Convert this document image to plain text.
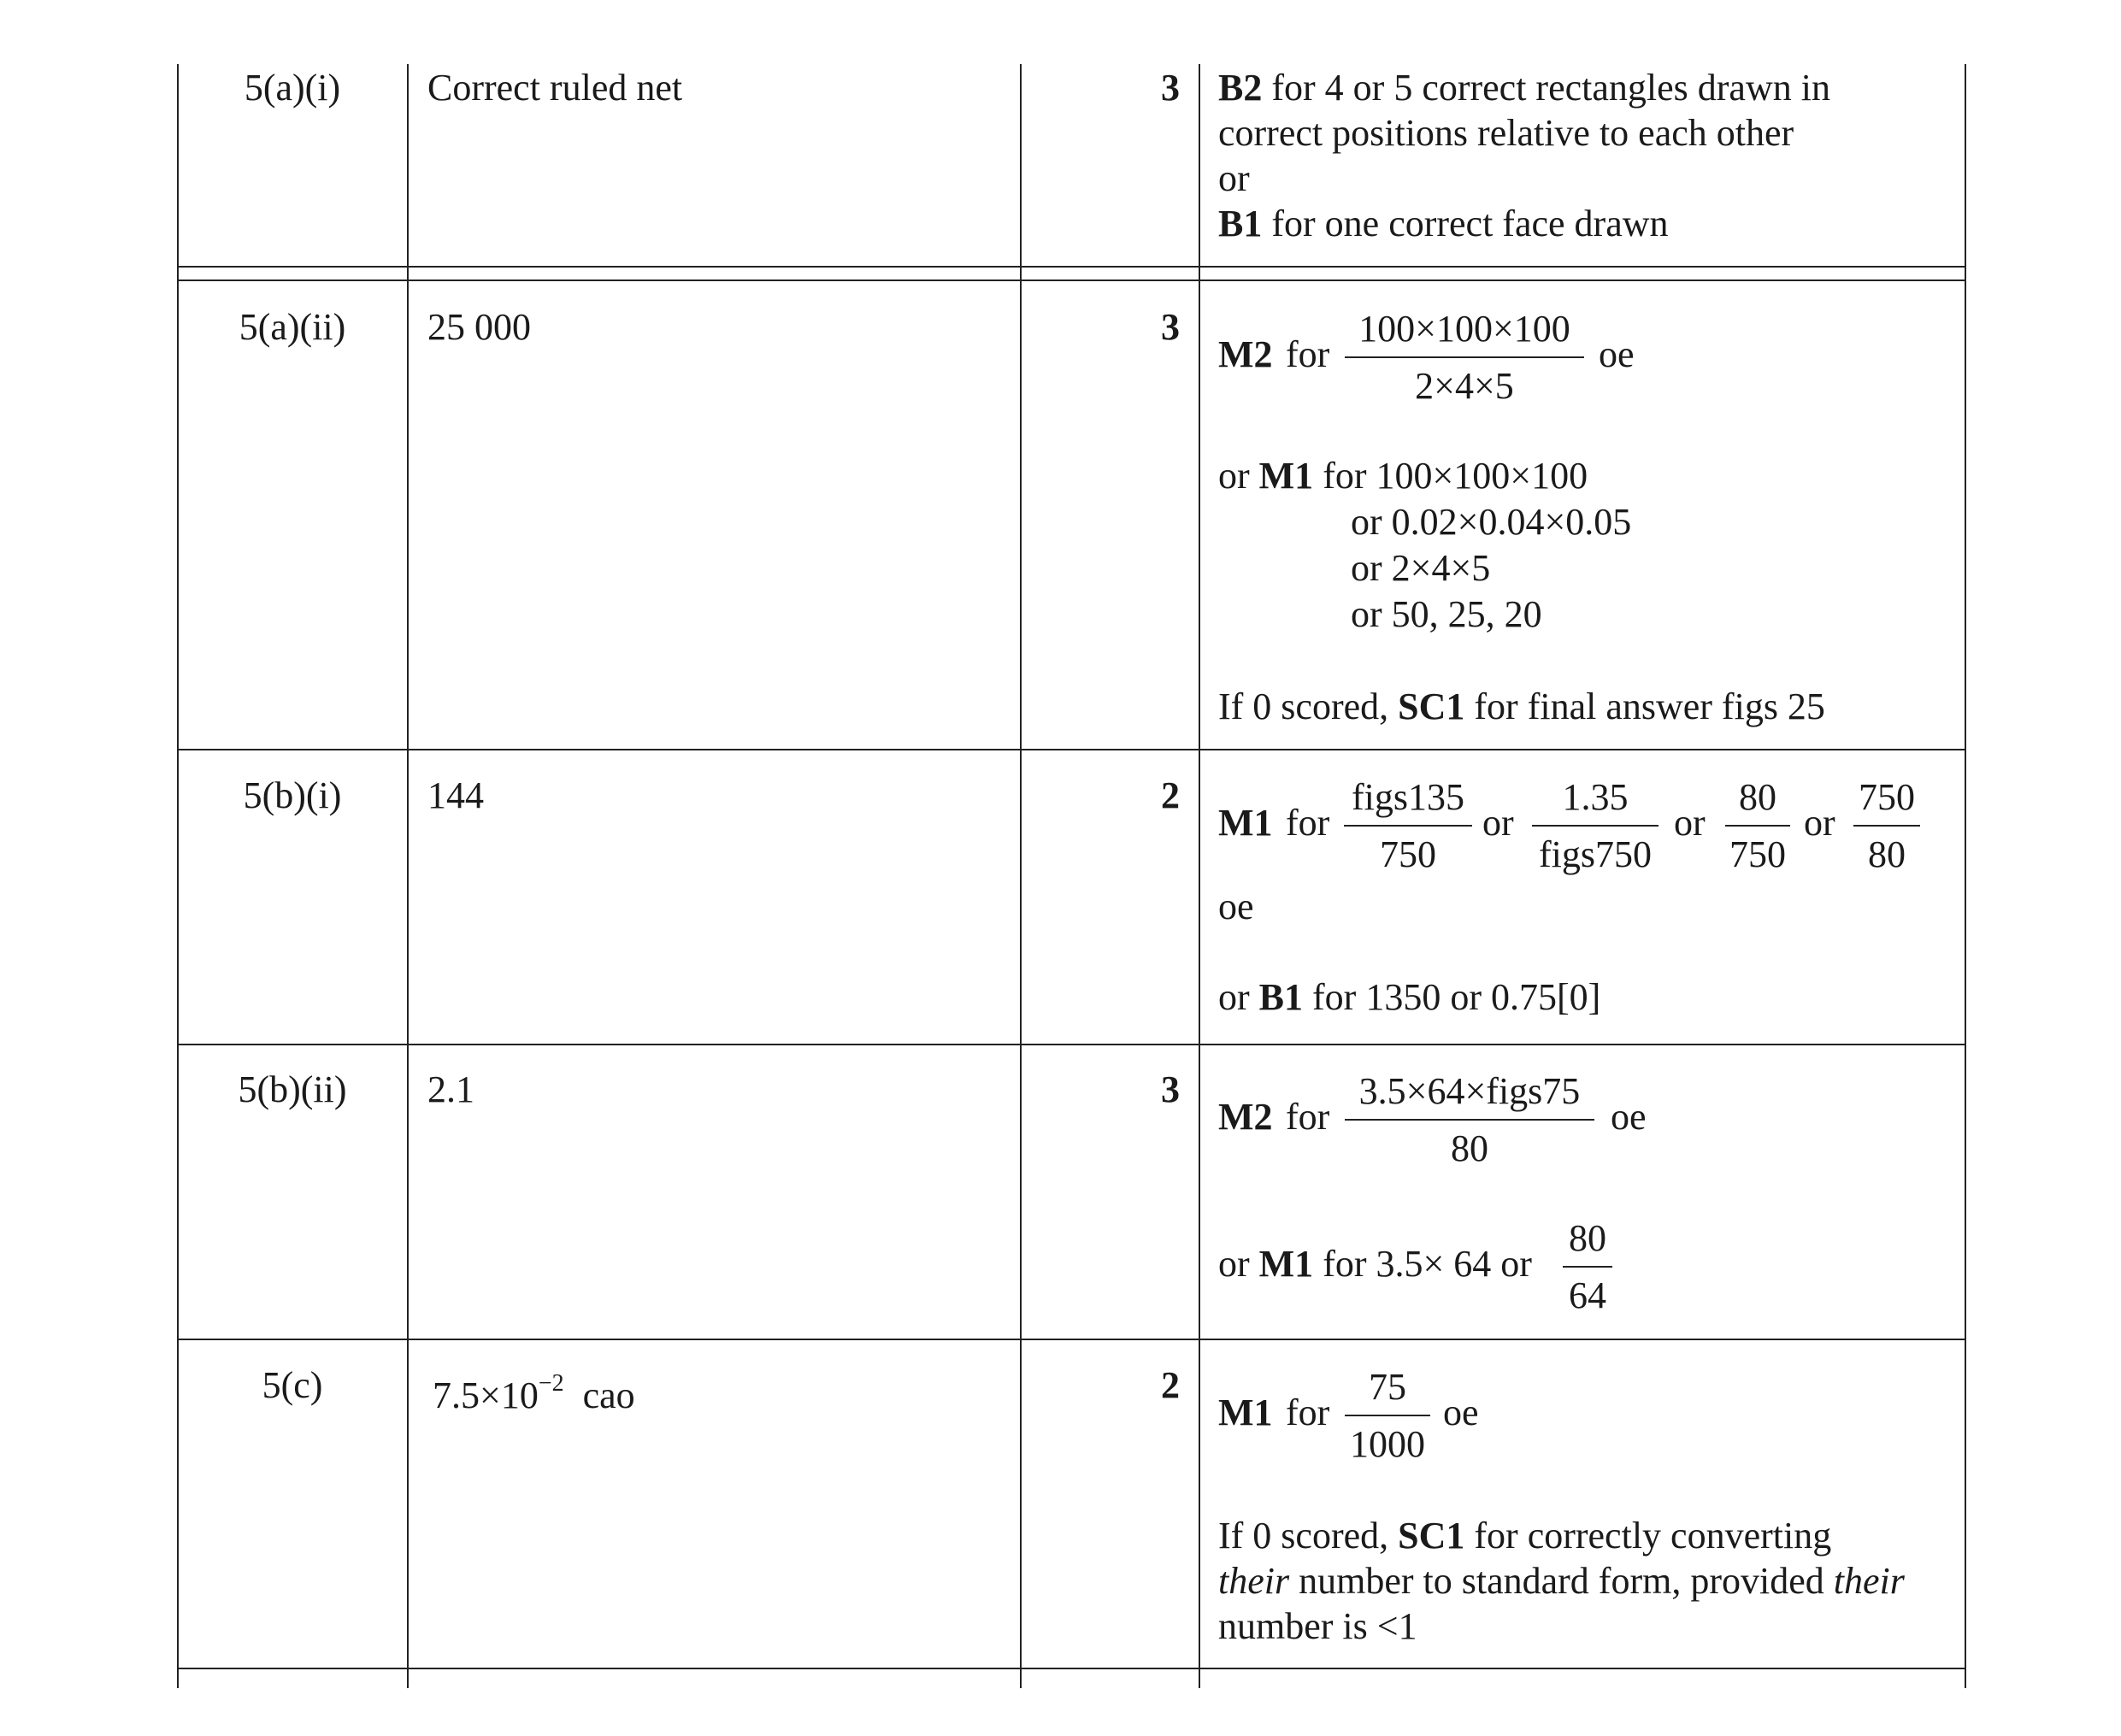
5(a)(i)	Correct ruled net	3 B2 for 4 or 5 correct rectangles drawn in
correct positions relative to each other
or
B1 for one correct face drawn
5(a)(ii)	25 000	3
M2 for $\frac{100\times 100\times 100}{2\times 4\times 5}$ oe
or M1 for 100×100×100
or 0.02×0.04×0.05
or 2×4×5
or 50, 25, 20
If 0 scored, SC1 for final answer figs 25
5(b)(i)	144	2
M1 for
figs135
750
or
1.35
figs750
or $\frac{80}{750}$ or $\frac{750}{80}$
oe
or B1 for 1350 or 0.75[0]
5(b)(ii)	2.1	3
M2 for
3.5×64×figs75
80
oe
or M1 for 3.5× 64 or $\frac{80}{64}$
5(c)	$7.5\times 10^{-2}$ cao	2
M1 for $\frac{75}{1000}$ oe
If 0 scored, SC1 for correctly converting
their number to standard form, provided their
number is <1
